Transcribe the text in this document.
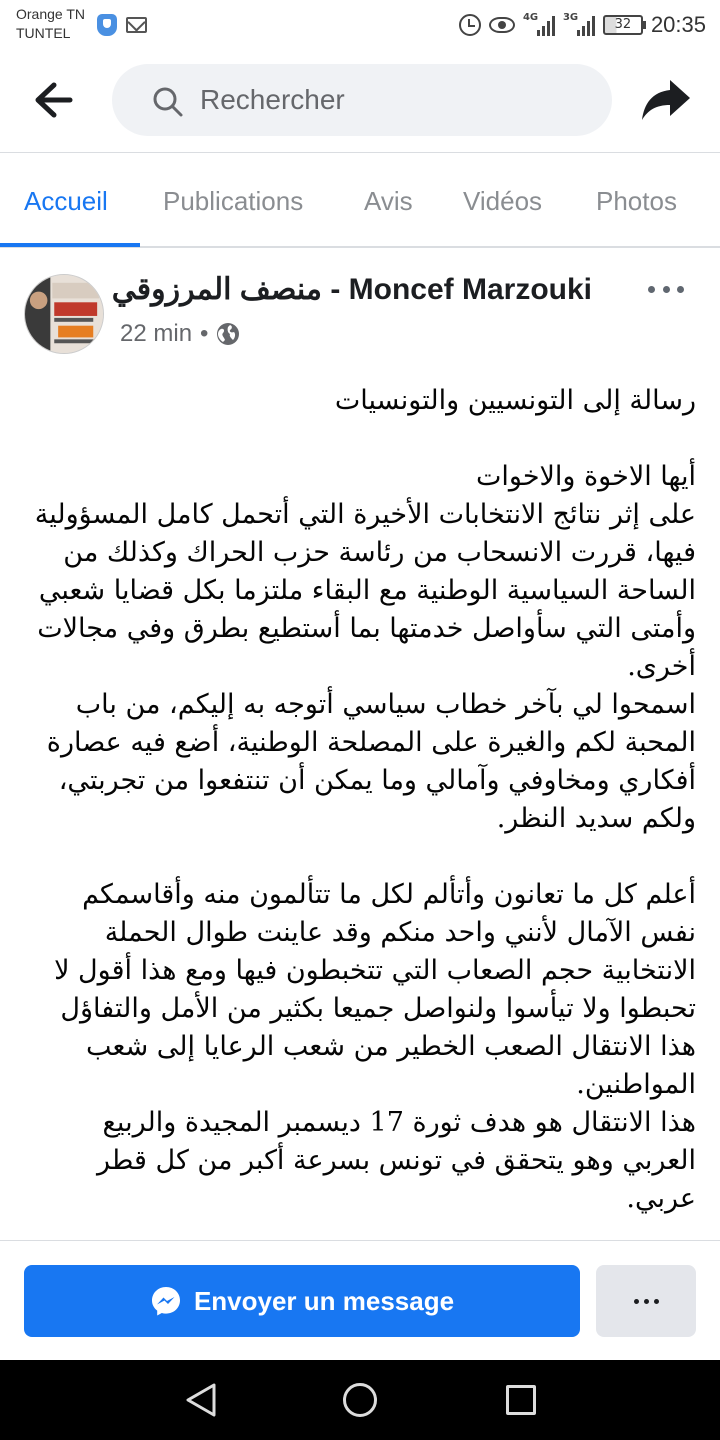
Orange TN
TUNTEL
4G 3G	32 20:35
Rechercher
Accueil Publications Avis Vidéos Photos
منصف المرزوقي - Moncef Marzouki
22 min •

رسالة إلى التونسيين والتونسيات

أيها الاخوة والاخوات
على إثر نتائج الانتخابات الأخيرة التي أتحمل كامل المسؤولية فيها، قررت الانسحاب من رئاسة حزب الحراك وكذلك من الساحة السياسية الوطنية مع البقاء ملتزما بكل قضايا شعبي وأمتى التي سأواصل خدمتها بما أستطيع بطرق وفي مجالات أخرى.
اسمحوا لي بآخر خطاب سياسي أتوجه به إليكم، من باب المحبة لكم والغيرة على المصلحة الوطنية، أضع فيه عصارة أفكاري ومخاوفي وآمالي وما يمكن أن تنتفعوا من تجربتي، ولكم سديد النظر.

أعلم كل ما تعانون وأتألم لكل ما تتألمون منه وأقاسمكم نفس الآمال لأنني واحد منكم وقد عاينت طوال الحملة الانتخابية حجم الصعاب التي تتخبطون فيها ومع هذا أقول لا تحبطوا ولا تيأسوا ولنواصل جميعا بكثير من الأمل والتفاؤل هذا الانتقال الصعب الخطير من شعب الرعايا إلى شعب المواطنين.
هذا الانتقال هو هدف ثورة 17 ديسمبر المجيدة والربيع العربي وهو يتحقق في تونس بسرعة أكبر من كل قطر عربي.

Envoyer un message
